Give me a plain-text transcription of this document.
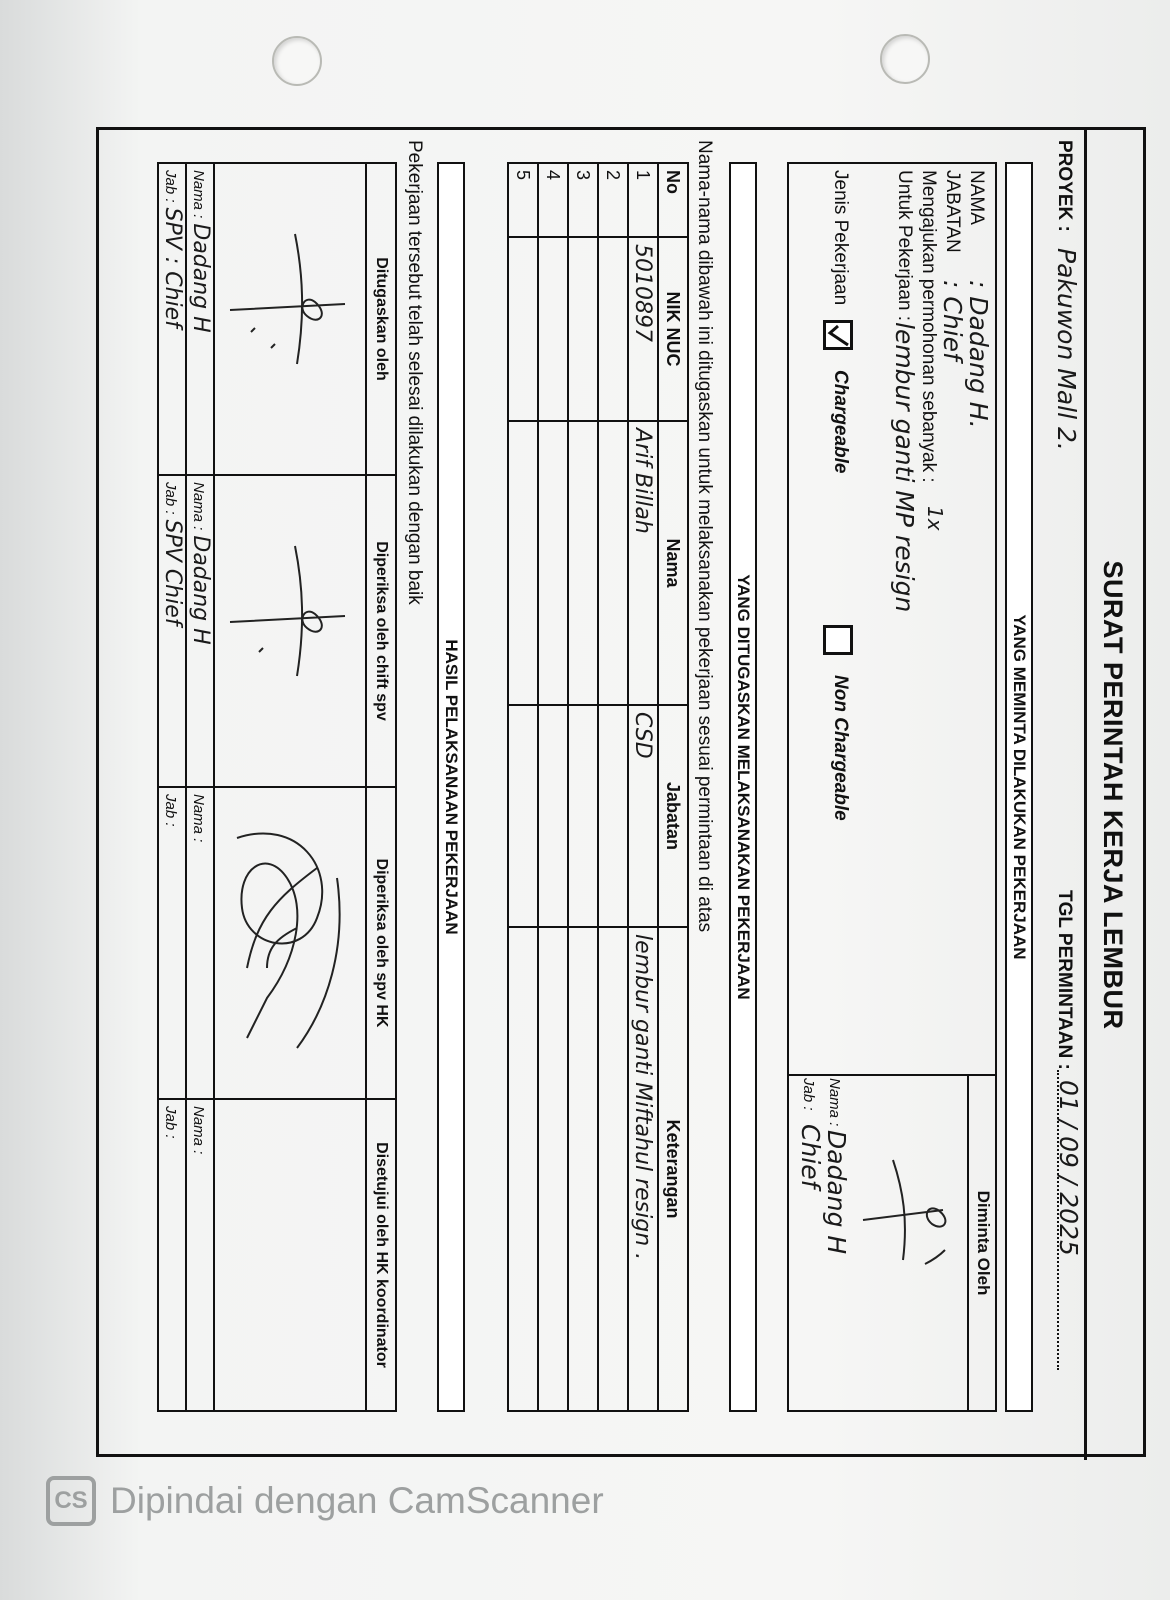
SURAT PERINTAH KERJA LEMBUR
PROYEK :
Pakuwon Mall 2.
TGL PERMINTAAN :
01 / 09 / 2025
YANG MEMINTA DILAKUKAN PEKERJAAN
NAMA
: Dadang H.
JABATAN
: Chief
Mengajukan permohonan sebanyak :
1x
Untuk Pekerjaan :
lembur ganti MP resign
Jenis Pekerjaan
Chargeable
Non Chargeable
Diminta Oleh
Nama :
Dadang H
Jab :
Chief
YANG DITUGASKAN MELAKSANAKAN PEKERJAAN
Nama-nama dibawah ini ditugaskan untuk melaksanakan pekerjaan sesuai permintaan di atas
No	NIK NUC	Nama	Jabatan	Keterangan
1	5010897	Arif Billah	CSD	lembur ganti Miftahul resign .
2				
3				
4				
5				
HASIL PELAKSANAAN PEKERJAAN
Pekerjaan tersebut telah selesai dilakukan dengan baik
Ditugaskan oleh	Diperiksa oleh chift spv	Diperiksa oleh spv HK	Disetujui oleh HK koordinator

Nama : Dadang H	Nama : Dadang H	Nama :	Nama :
Jab : SPV : Chief	Jab : SPV Chief	Jab :	Jab :
CS Dipindai dengan CamScanner
